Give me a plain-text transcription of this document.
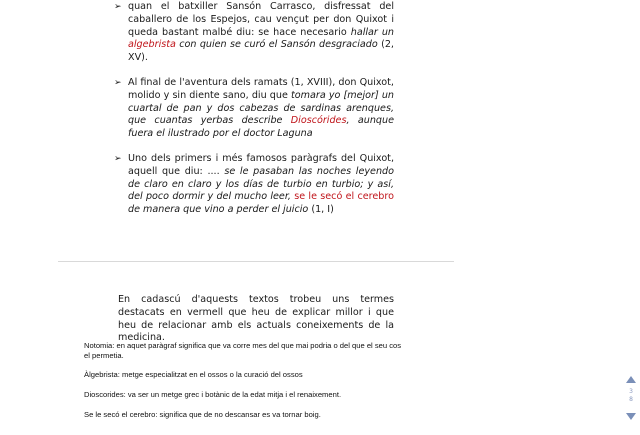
➢ quan el batxiller Sansón Carrasco, disfressat del caballero de los Espejos, cau vençut per don Quixot i queda bastant malbé diu: se hace necesario hallar un algebrista con quien se curó el Sansón desgraciado (2, XV).
➢ Al final de l'aventura dels ramats (1, XVIII), don Quixot, molido y sin diente sano, diu que tomara yo [mejor] un cuartal de pan y dos cabezas de sardinas arenques, que cuantas yerbas describe Dioscórides, aunque fuera el ilustrado por el doctor Laguna
➢ Uno dels primers i més famosos paràgrafs del Quixot, aquell que diu: .... se le pasaban las noches leyendo de claro en claro y los días de turbio en turbio; y así, del poco dormir y del mucho leer, se le secó el cerebro de manera que vino a perder el juicio (1, I)
En cadascú d'aquests textos trobeu uns termes destacats en vermell que heu de explicar millor i que heu de relacionar amb els actuals coneixements de la medicina.
Notomia: en aquet paràgraf significa que va corre mes del que mai podria o del que el seu cos el permetia.
Àlgebrista: metge especialitzat en el ossos o la curació del ossos
Dioscorides: va ser un metge grec i botànic de la edat mitja i el renaixement.
Se le secó el cerebro: significa que de no descansar es va tornar boig.
3
8
